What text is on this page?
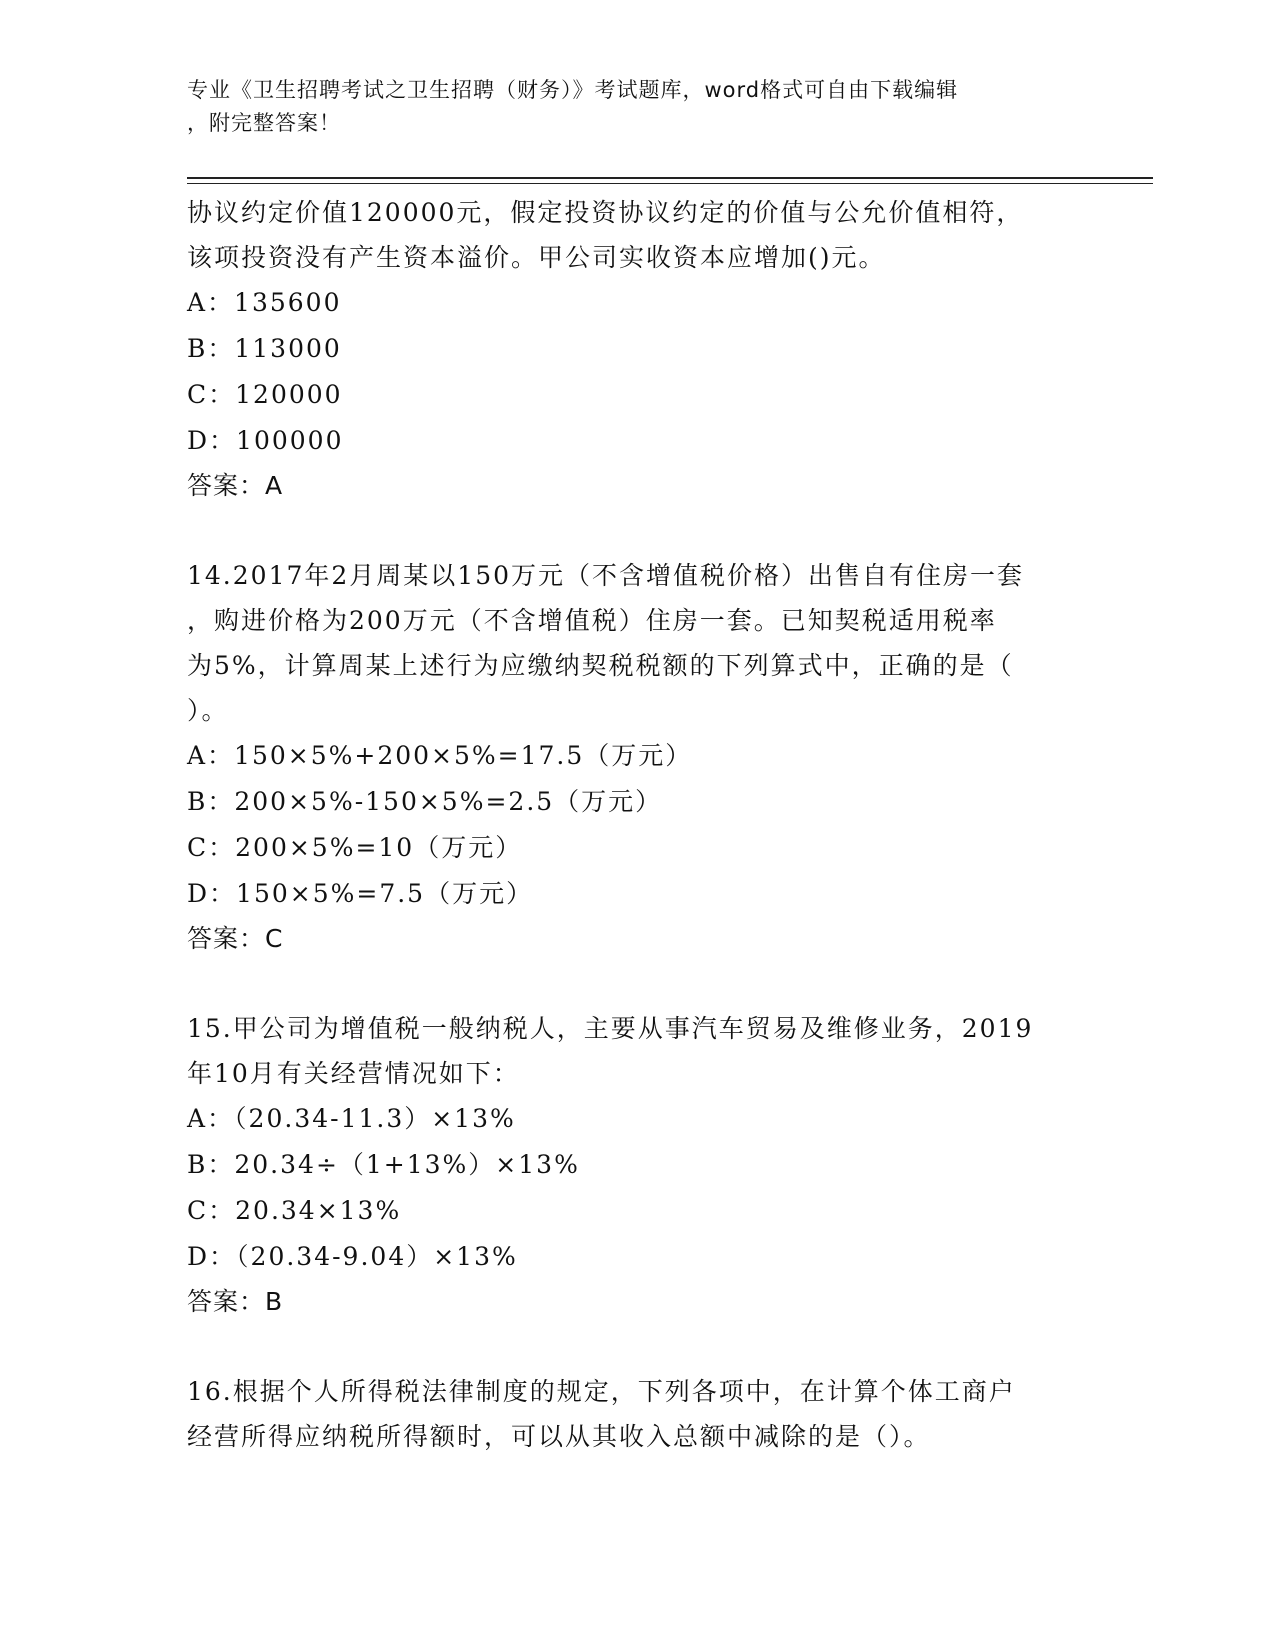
专业《卫生招聘考试之卫生招聘（财务）》考试题库，word格式可自由下载编辑
，附完整答案！
协议约定价值120000元，假定投资协议约定的价值与公允价值相符，
该项投资没有产生资本溢价。甲公司实收资本应增加()元。
A：135600
B：113000
C：120000
D：100000
答案：A
14.2017年2月周某以150万元（不含增值税价格）出售自有住房一套
，购进价格为200万元（不含增值税）住房一套。已知契税适用税率
为5%，计算周某上述行为应缴纳契税税额的下列算式中，正确的是（
）。
A：150×5%+200×5%=17.5（万元）
B：200×5%-150×5%=2.5（万元）
C：200×5%=10（万元）
D：150×5%=7.5（万元）
答案：C
15.甲公司为增值税一般纳税人，主要从事汽车贸易及维修业务，2019
年10月有关经营情况如下：
A：（20.34-11.3）×13%
B：20.34÷（1+13%）×13%
C：20.34×13%
D：（20.34-9.04）×13%
答案：B
16.根据个人所得税法律制度的规定，下列各项中，在计算个体工商户
经营所得应纳税所得额时，可以从其收入总额中减除的是（）。
